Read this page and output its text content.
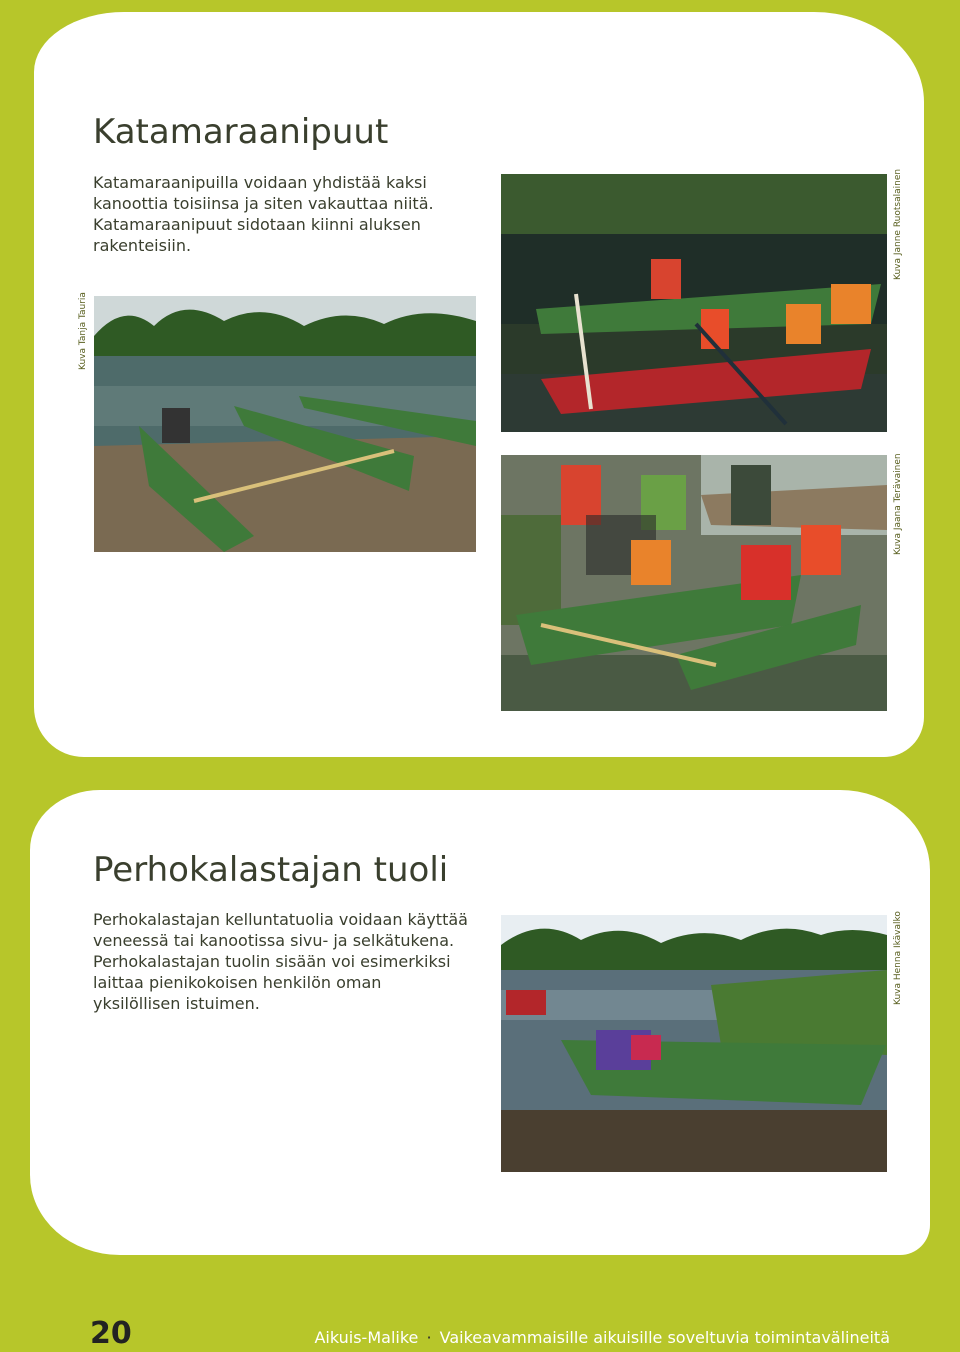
Katamaraanipuut

Katamaraanipuilla voidaan yhdistää kaksi kanoottia toisiinsa ja siten vakauttaa niitä. Katamaraanipuut sidotaan kiinni aluksen rakenteisiin.

Kuva Tanja Tauria
Kuva Janne Ruotsalainen
Kuva Jaana Terävainen
Perhokalastajan tuoli

Perhokalastajan kelluntatuolia voidaan käyttää veneessä tai kanootissa sivu- ja selkätukena. Perhokalastajan tuolin sisään voi esimerkiksi laittaa pienikokoisen henkilön oman yksilöllisen istuimen.	Kuva Henna Ikävalko
20	Aikuis-Malike · Vaikeavammaisille aikuisille soveltuvia toimintavälineitä
